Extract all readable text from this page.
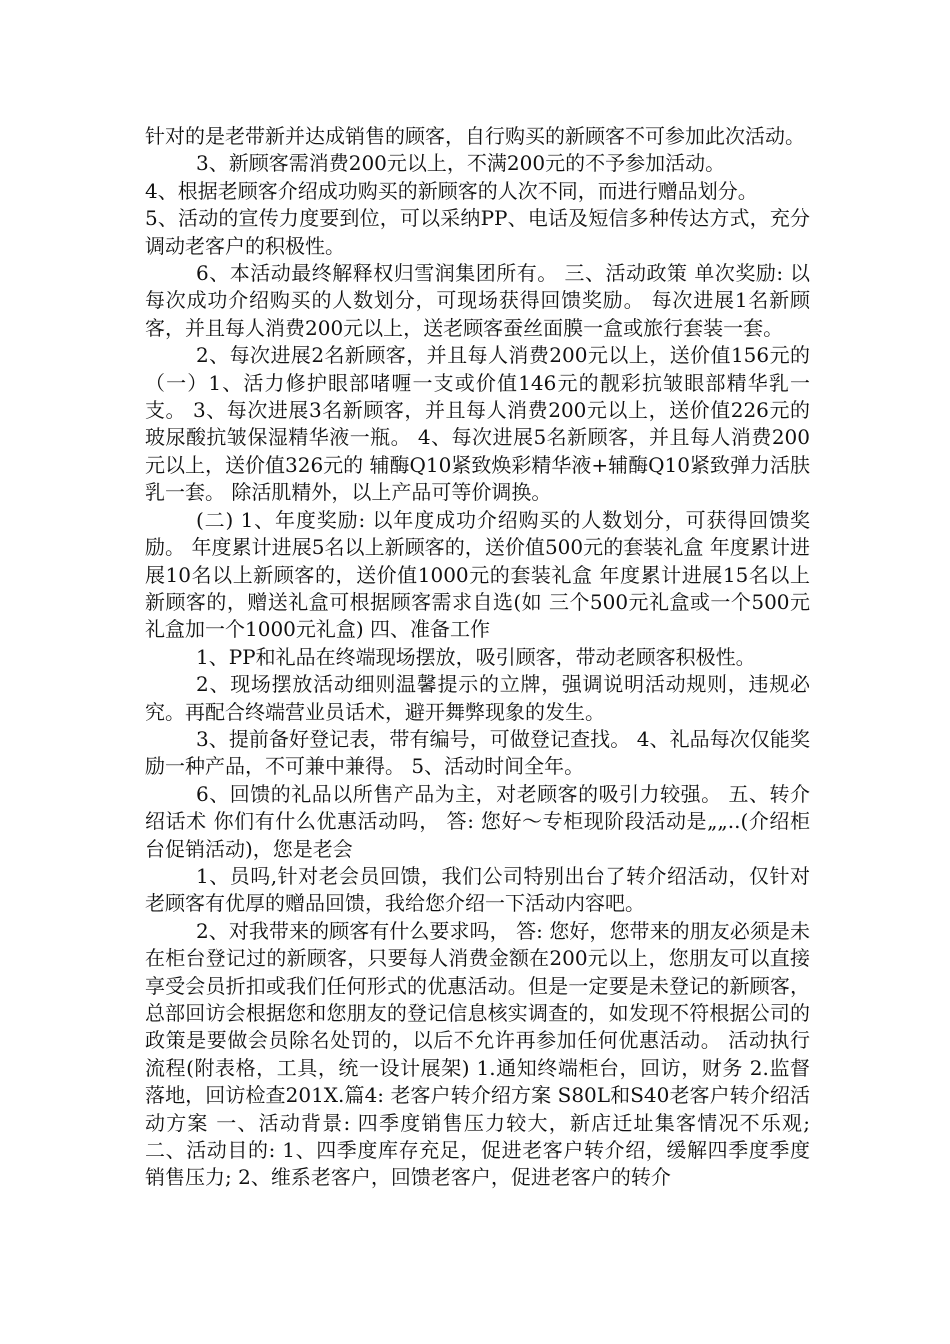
针对的是老带新并达成销售的顾客，自行购买的新顾客不可参加此次活动。

3、新顾客需消费200元以上，不满200元的不予参加活动。

4、根据老顾客介绍成功购买的新顾客的人次不同，而进行赠品划分。

5、活动的宣传力度要到位，可以采纳PP、电话及短信多种传达方式，充分调动老客户的积极性。

6、本活动最终解释权归雪润集团所有。 三、活动政策 单次奖励: 以每次成功介绍购买的人数划分，可现场获得回馈奖励。 每次进展1名新顾客，并且每人消费200元以上，送老顾客蚕丝面膜一盒或旅行套装一套。

2、每次进展2名新顾客，并且每人消费200元以上，送价值156元的（一）1、活力修护眼部啫喱一支或价值146元的靓彩抗皱眼部精华乳一支。 3、每次进展3名新顾客，并且每人消费200元以上，送价值226元的 玻尿酸抗皱保湿精华液一瓶。 4、每次进展5名新顾客，并且每人消费200元以上，送价值326元的 辅酶Q10紧致焕彩精华液+辅酶Q10紧致弹力活肤乳一套。 除活肌精外，以上产品可等价调换。

(二) 1、年度奖励: 以年度成功介绍购买的人数划分，可获得回馈奖励。 年度累计进展5名以上新顾客的，送价值500元的套装礼盒 年度累计进展10名以上新顾客的，送价值1000元的套装礼盒 年度累计进展15名以上新顾客的，赠送礼盒可根据顾客需求自选(如 三个500元礼盒或一个500元礼盒加一个1000元礼盒) 四、准备工作

1、PP和礼品在终端现场摆放，吸引顾客，带动老顾客积极性。

2、现场摆放活动细则温馨提示的立牌，强调说明活动规则，违规必究。再配合终端营业员话术，避开舞弊现象的发生。

3、提前备好登记表，带有编号，可做登记查找。 4、礼品每次仅能奖励一种产品，不可兼中兼得。 5、活动时间全年。

6、回馈的礼品以所售产品为主，对老顾客的吸引力较强。 五、转介绍话术 你们有什么优惠活动吗， 答: 您好～专柜现阶段活动是„„..(介绍柜台促销活动)，您是老会

1、员吗,针对老会员回馈，我们公司特别出台了转介绍活动，仅针对老顾客有优厚的赠品回馈，我给您介绍一下活动内容吧。

2、对我带来的顾客有什么要求吗， 答: 您好，您带来的朋友必须是未在柜台登记过的新顾客，只要每人消费金额在200元以上，您朋友可以直接享受会员折扣或我们任何形式的优惠活动。但是一定要是未登记的新顾客，总部回访会根据您和您朋友的登记信息核实调查的，如发现不符根据公司的政策是要做会员除名处罚的，以后不允许再参加任何优惠活动。 活动执行流程(附表格，工具，统一设计展架) 1.通知终端柜台，回访，财务 2.监督落地，回访检查201X.篇4: 老客户转介绍方案 S80L和S40老客户转介绍活动方案 一、活动背景: 四季度销售压力较大，新店迁址集客情况不乐观; 二、活动目的: 1、四季度库存充足，促进老客户转介绍，缓解四季度季度销售压力; 2、维系老客户，回馈老客户，促进老客户的转介
